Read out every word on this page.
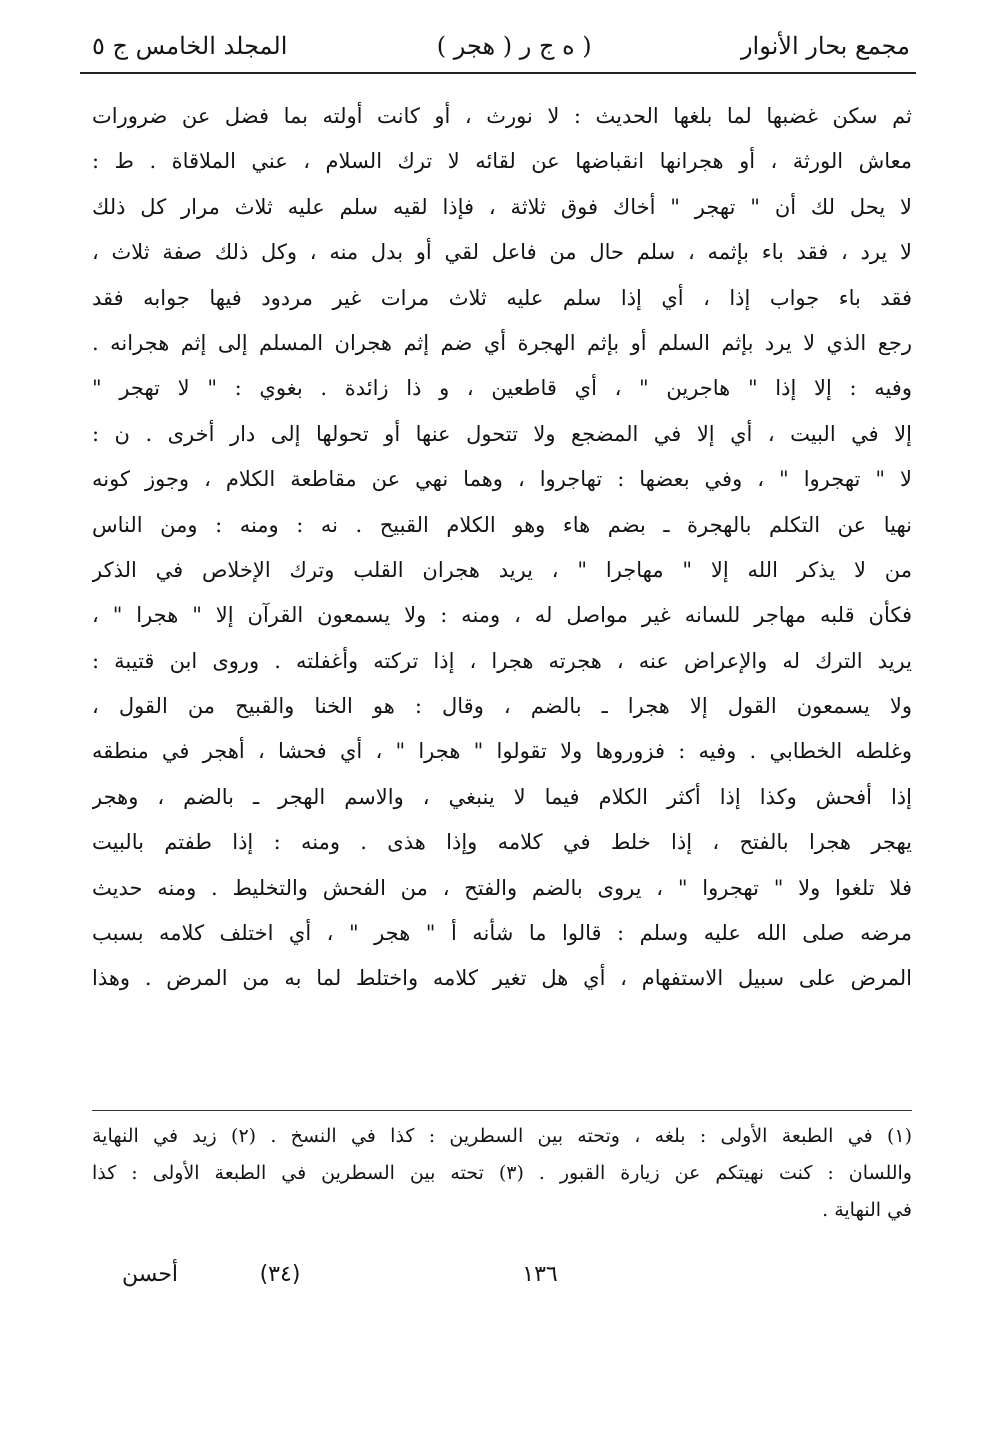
مجمع بحار الأنوار
( ه ج ر ( هجر )
المجلد الخامس ج ٥
ثم سكن غضبها لما بلغها الحديث : لا نورث ، أو كانت أولته بما فضل عن ضرورات
معاش الورثة ، أو هجرانها انقباضها عن لقائه لا ترك السلام ، عني الملاقاة . ط :
لا يحل لك أن " تهجر " أخاك فوق ثلاثة ، فإذا لقيه سلم عليه ثلاث مرار كل ذلك
لا يرد ، فقد باء بإثمه ، سلم حال من فاعل لقي أو بدل منه ، وكل ذلك صفة ثلاث ،
فقد باء جواب إذا ، أي إذا سلم عليه ثلاث مرات غير مردود فيها جوابه فقد
رجع الذي لا يرد بإثم السلم أو بإثم الهجرة أي ضم إثم هجران المسلم إلى إثم هجرانه .
وفيه : إلا إذا " هاجرين " ، أي قاطعين ، و ذا زائدة . بغوي : " لا تهجر "
إلا في البيت ، أي إلا في المضجع ولا تتحول عنها أو تحولها إلى دار أخرى . ن :
لا " تهجروا " ، وفي بعضها : تهاجروا ، وهما نهي عن مقاطعة الكلام ، وجوز كونه
نهيا عن التكلم بالهجرة ـ بضم هاء وهو الكلام القبيح . نه : ومنه : ومن الناس
من لا يذكر الله إلا " مهاجرا " ، يريد هجران القلب وترك الإخلاص في الذكر
فكأن قلبه مهاجر للسانه غير مواصل له ، ومنه : ولا يسمعون القرآن إلا " هجرا " ،
يريد الترك له والإعراض عنه ، هجرته هجرا ، إذا تركته وأغفلته . وروى ابن قتيبة :
ولا يسمعون القول إلا هجرا ـ بالضم ، وقال : هو الخنا والقبيح من القول ،
وغلطه الخطابي . وفيه : فزوروها ولا تقولوا " هجرا " ، أي فحشا ، أهجر في منطقه
إذا أفحش وكذا إذا أكثر الكلام فيما لا ينبغي ، والاسم الهجر ـ بالضم ، وهجر
يهجر هجرا بالفتح ، إذا خلط في كلامه وإذا هذى . ومنه : إذا طفتم بالبيت
فلا تلغوا ولا " تهجروا " ، يروى بالضم والفتح ، من الفحش والتخليط . ومنه حديث
مرضه صلى الله عليه وسلم : قالوا ما شأنه أ " هجر " ، أي اختلف كلامه بسبب
المرض على سبيل الاستفهام ، أي هل تغير كلامه واختلط لما به من المرض . وهذا
(١) في الطبعة الأولى : بلغه ، وتحته بين السطرين : كذا في النسخ . (٢) زيد في النهاية
واللسان : كنت نهيتكم عن زيارة القبور . (٣) تحته بين السطرين في الطبعة الأولى : كذا
في النهاية .
١٣٦
(٣٤)
أحسن
